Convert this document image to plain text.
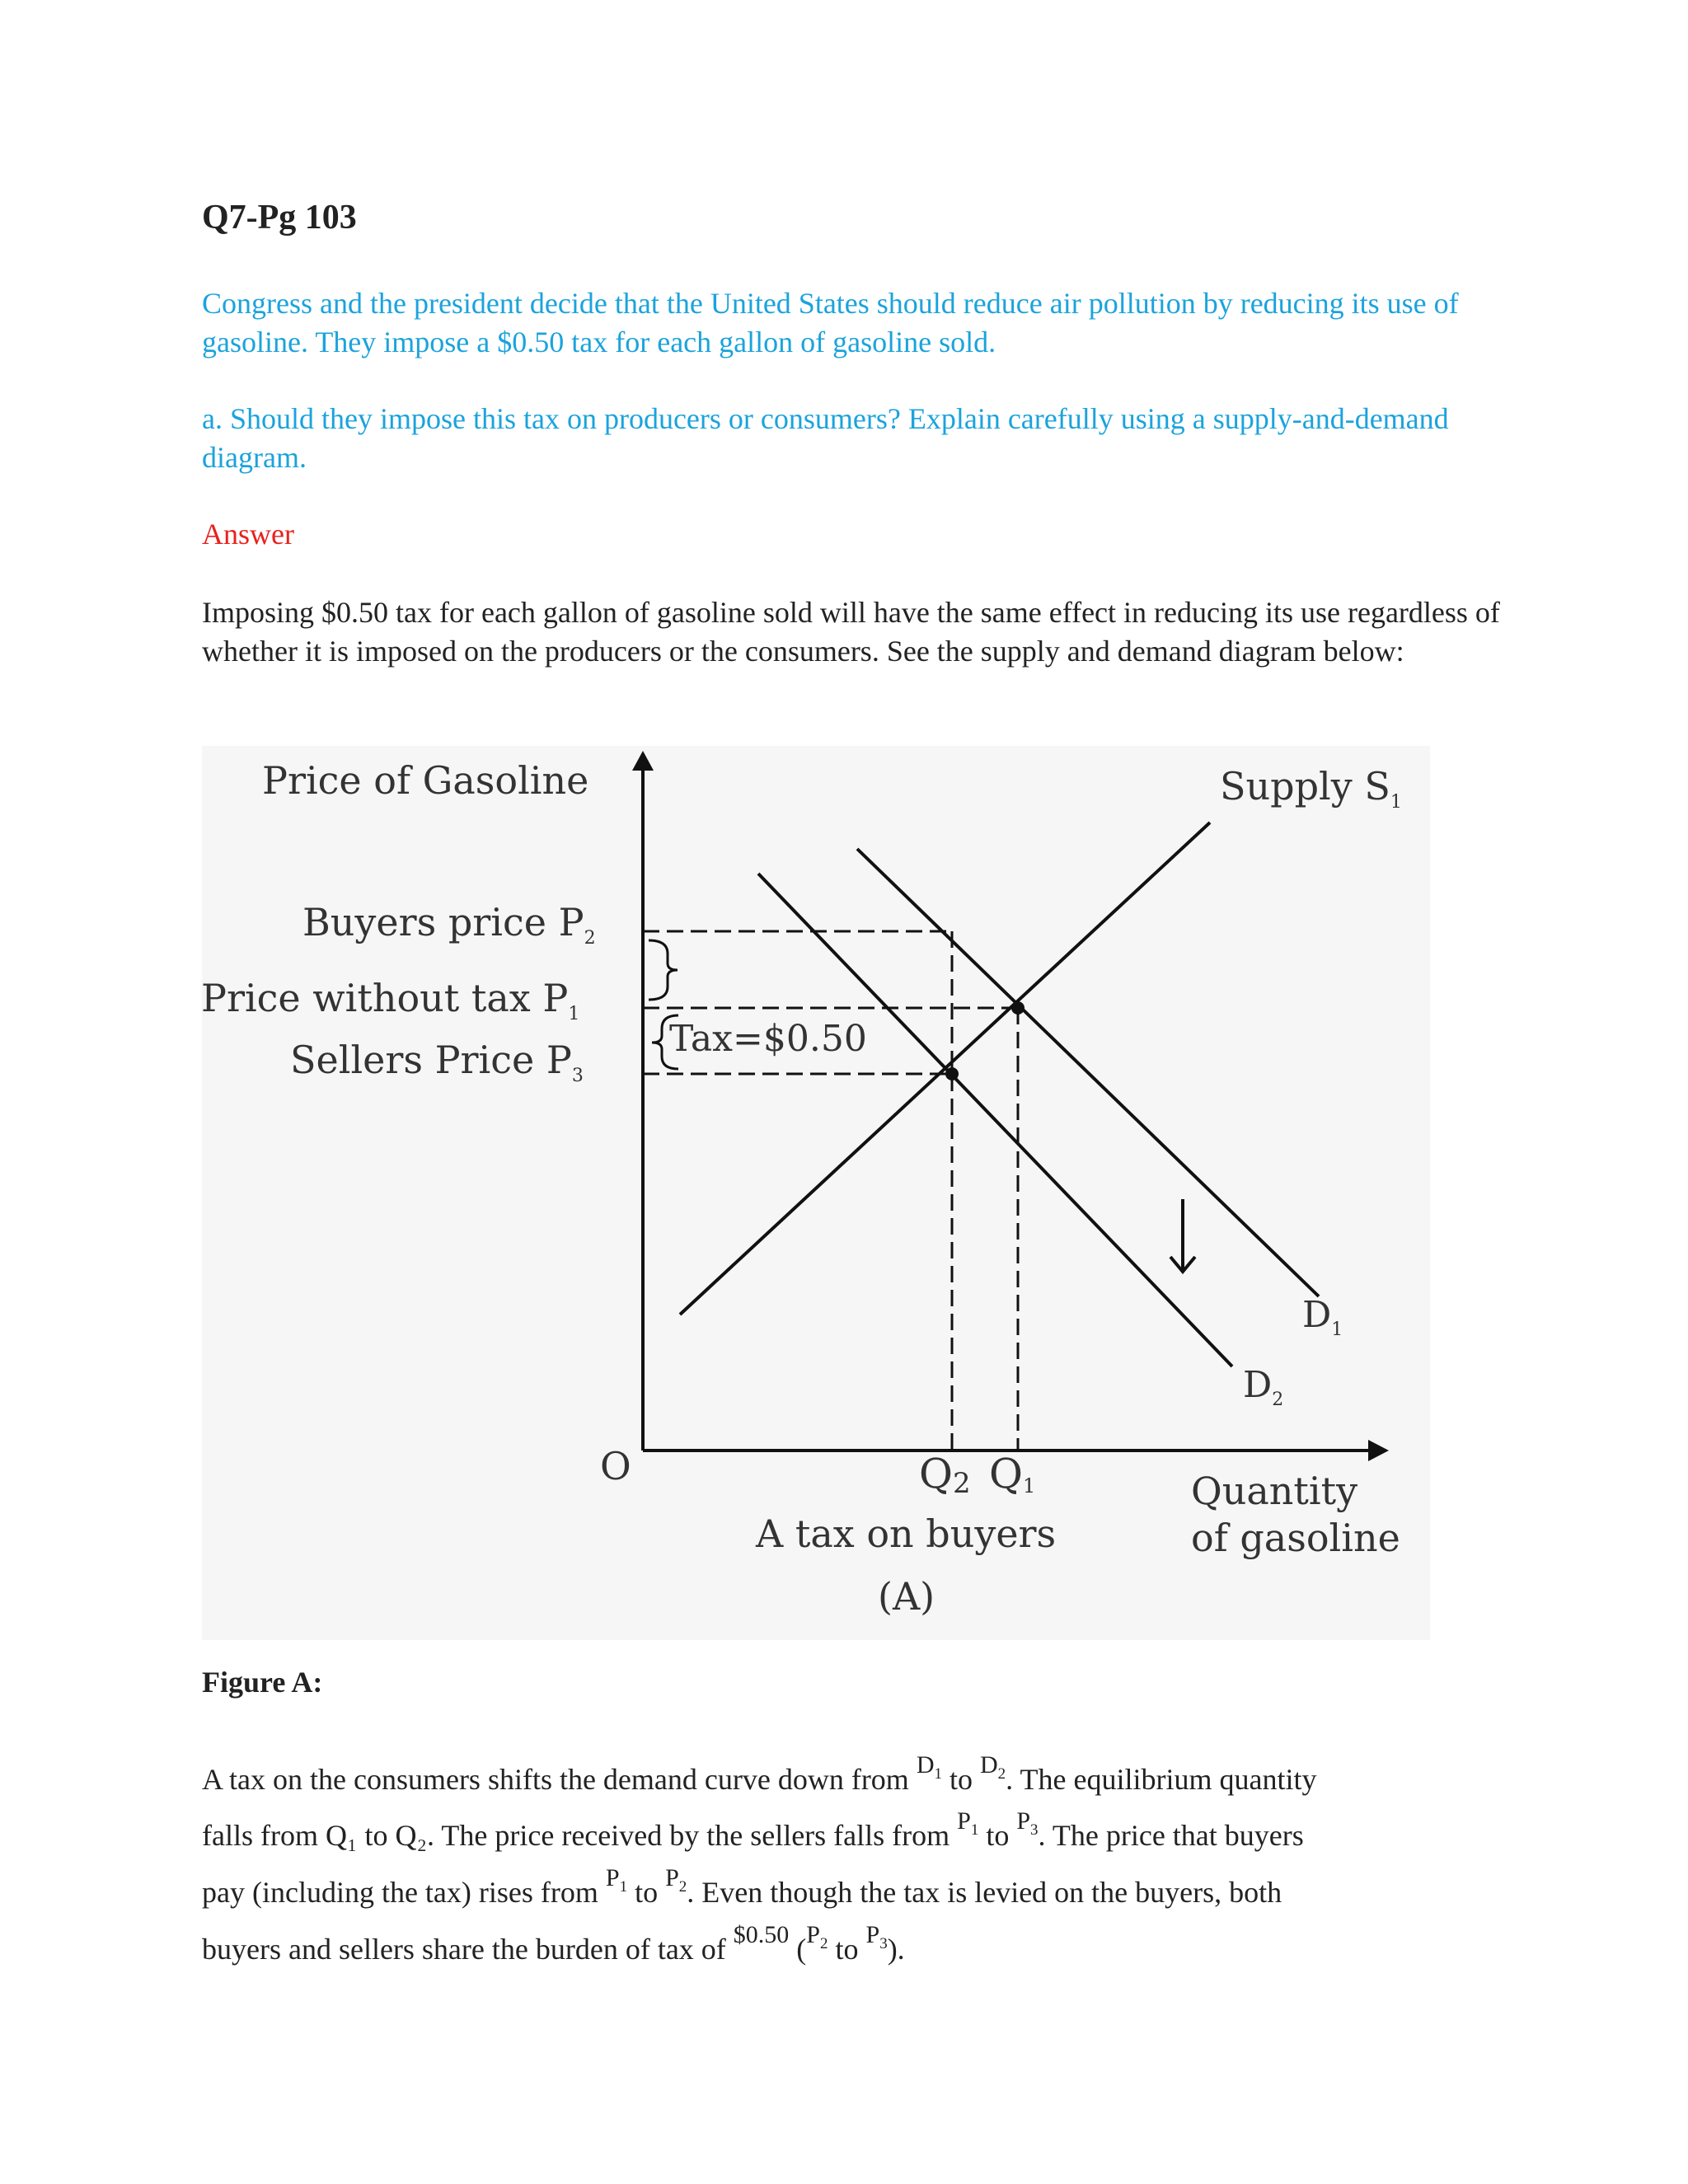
Q7-Pg 103

Congress and the president decide that the United States should reduce air pollution by reducing its use of gasoline. They impose a $0.50 tax for each gallon of gasoline sold.

a. Should they impose this tax on producers or consumers? Explain carefully using a supply-and-demand diagram.

Answer

Imposing $0.50 tax for each gallon of gasoline sold will have the same effect in reducing its use regardless of whether it is imposed on the producers or the consumers. See the supply and demand diagram below:

Price of Gasoline	Supply $S_1$
Buyers price $P_2$
Price without tax $P_1$
Sellers Price $P_3$
Tax=$0.50
O	Q2 Q1
$D_1$
$D_2$
Quantity
of gasoline
A tax on buyers
(A)

Figure A:

A tax on the consumers shifts the demand curve down from $^{D_1}$ to $^{D_2}$. The equilibrium quantity

falls from Q₁ to Q₂. The price received by the sellers falls from $^{P_1}$ to $^{P_3}$. The price that buyers

pay (including the tax) rises from $^{P_1}$ to $^{P_2}$. Even though the tax is levied on the buyers, both

buyers and sellers share the burden of tax of $^{\$0.50}$ ($^{P_2}$ to $^{P_3}$).
